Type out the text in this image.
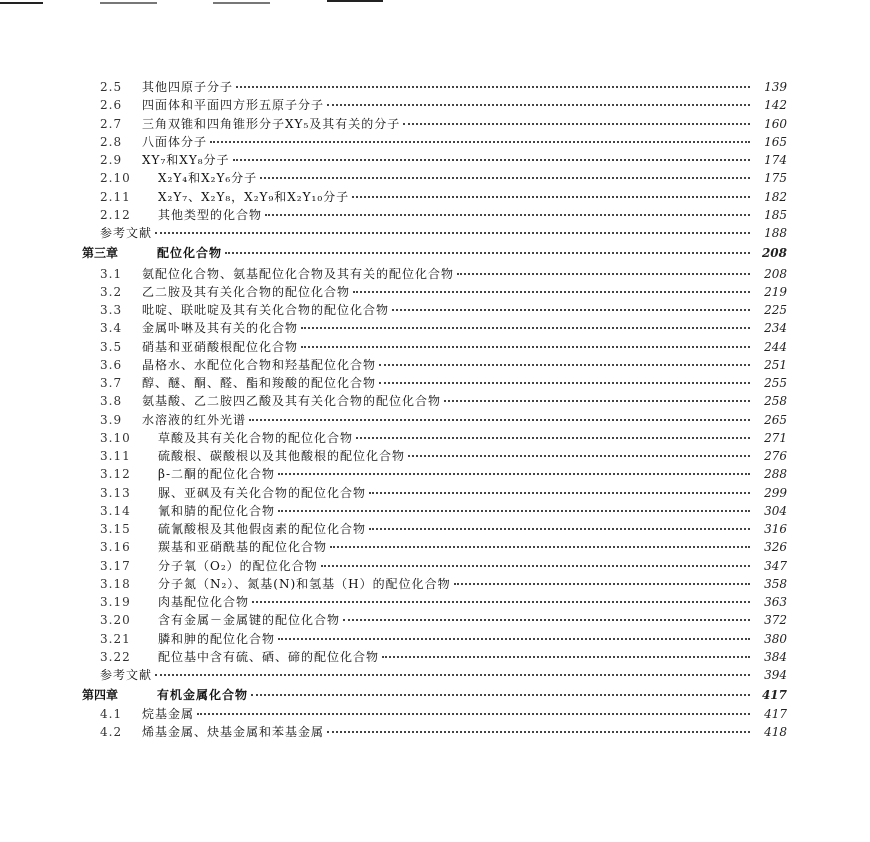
2.5	其他四原子分子	139
2.6	四面体和平面四方形五原子分子	142
2.7	三角双锥和四角锥形分子XY₅及其有关的分子	160
2.8	八面体分子	165
2.9	XY₇和XY₈分子	174
2.10	X₂Y₄和X₂Y₆分子	175
2.11	X₂Y₇、X₂Y₈，X₂Y₉和X₂Y₁₀分子	182
2.12	其他类型的化合物	185
参考文献	188
第三章	配位化合物	208
3.1	氨配位化合物、氨基配位化合物及其有关的配位化合物	208
3.2	乙二胺及其有关化合物的配位化合物	219
3.3	吡啶、联吡啶及其有关化合物的配位化合物	225
3.4	金属卟啉及其有关的化合物	234
3.5	硝基和亚硝酸根配位化合物	244
3.6	晶格水、水配位化合物和羟基配位化合物	251
3.7	醇、醚、酮、醛、酯和羧酸的配位化合物	255
3.8	氨基酸、乙二胺四乙酸及其有关化合物的配位化合物	258
3.9	水溶液的红外光谱	265
3.10	草酸及其有关化合物的配位化合物	271
3.11	硫酸根、碳酸根以及其他酸根的配位化合物	276
3.12	β-二酮的配位化合物	288
3.13	脲、亚砜及有关化合物的配位化合物	299
3.14	氰和腈的配位化合物	304
3.15	硫氰酸根及其他假卤素的配位化合物	316
3.16	羰基和亚硝酰基的配位化合物	326
3.17	分子氧（O₂）的配位化合物	347
3.18	分子氮（N₂）、氮基(N)和氢基（H）的配位化合物	358
3.19	肉基配位化合物	363
3.20	含有金属－金属键的配位化合物	372
3.21	膦和胂的配位化合物	380
3.22	配位基中含有硫、硒、碲的配位化合物	384
参考文献	394
第四章	有机金属化合物	417
4.1	烷基金属	417
4.2	烯基金属、炔基金属和苯基金属	418
